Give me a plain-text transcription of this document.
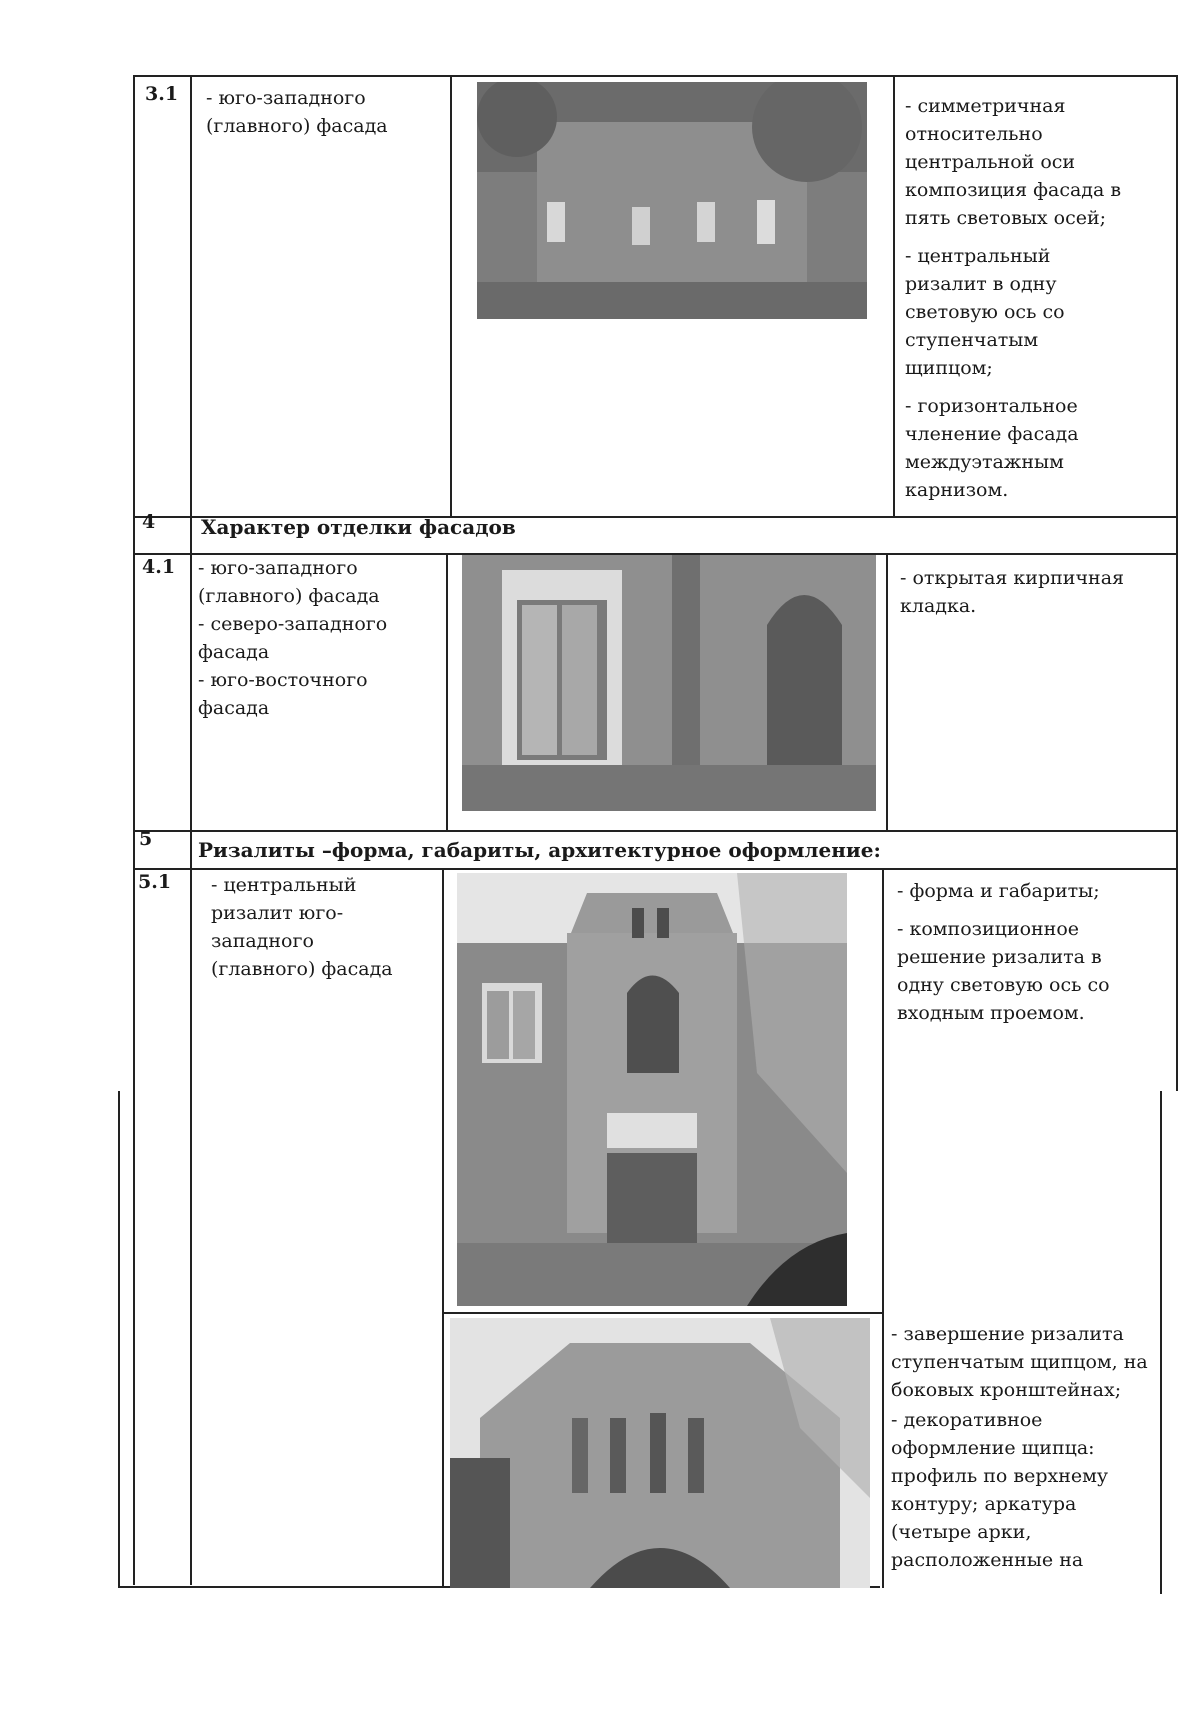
3.1 - юго-западного
(главного) фасада
- симметричная
относительно
центральной оси
композиция фасада в
пять световых осей;
- центральный
ризалит в одну
световую ось со
ступенчатым
щипцом;
- горизонтальное
членение фасада
междуэтажным
карнизом.
4 Характер отделки фасадов
4.1 - юго-западного
(главного) фасада
- северо-западного
фасада
- юго-восточного
фасада
- открытая кирпичная
кладка.
5 Ризалиты –форма, габариты, архитектурное оформление:
5.1 - центральный
ризалит юго-
западного
(главного) фасада
- форма и габариты;
- композиционное
решение ризалита в
одну световую ось со
входным проемом.
- завершение ризалита
ступенчатым щипцом, на
боковых кронштейнах;
- декоративное
оформление щипца:
профиль по верхнему
контуру; аркатура
(четыре арки,
расположенные на
